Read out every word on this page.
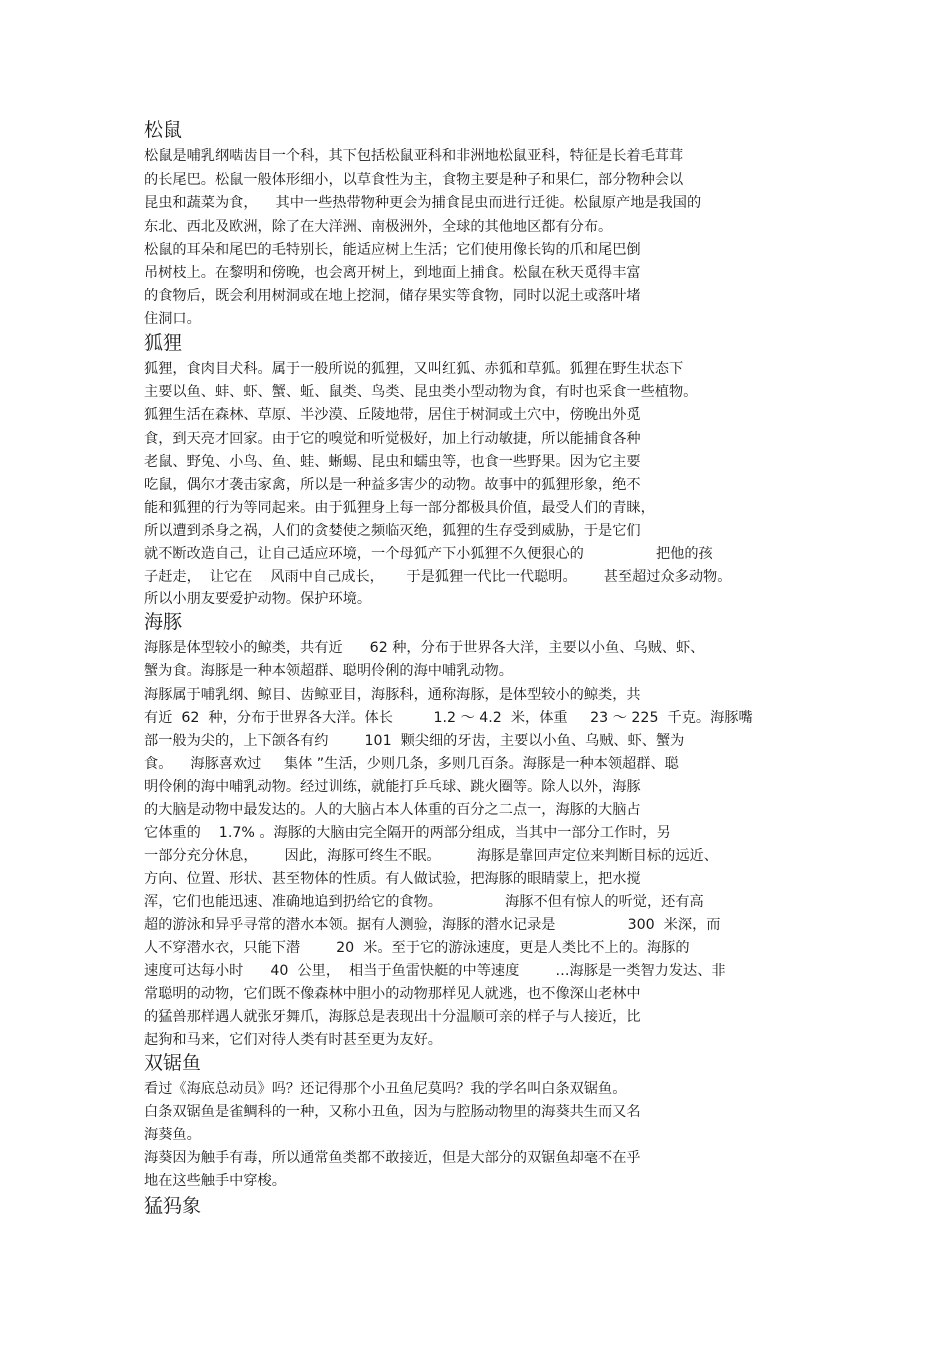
松鼠
松鼠是哺乳纲啮齿目一个科，其下包括松鼠亚科和非洲地松鼠亚科，特征是长着毛茸茸
的长尾巴。松鼠一般体形细小，以草食性为主，食物主要是种子和果仁，部分物种会以
昆虫和蔬菜为食，    其中一些热带物种更会为捕食昆虫而进行迁徙。松鼠原产地是我国的
东北、西北及欧洲，除了在大洋洲、南极洲外，全球的其他地区都有分布。
松鼠的耳朵和尾巴的毛特别长，能适应树上生活；它们使用像长钩的爪和尾巴倒
吊树枝上。在黎明和傍晚，也会离开树上，到地面上捕食。松鼠在秋天觅得丰富
的食物后，既会利用树洞或在地上挖洞，储存果实等食物，同时以泥土或落叶堵
住洞口。
狐狸
狐狸，食肉目犬科。属于一般所说的狐狸，又叫红狐、赤狐和草狐。狐狸在野生状态下
主要以鱼、蚌、虾、蟹、蚯、鼠类、鸟类、昆虫类小型动物为食，有时也采食一些植物。
狐狸生活在森林、草原、半沙漠、丘陵地带，居住于树洞或土穴中，傍晚出外觅
食，到天亮才回家。由于它的嗅觉和听觉极好，加上行动敏捷，所以能捕食各种
老鼠、野兔、小鸟、鱼、蛙、蜥蜴、昆虫和蠕虫等，也食一些野果。因为它主要
吃鼠，偶尔才袭击家禽，所以是一种益多害少的动物。故事中的狐狸形象，绝不
能和狐狸的行为等同起来。由于狐狸身上每一部分都极具价值，最受人们的青睐，
所以遭到杀身之祸，人们的贪婪使之频临灭绝，狐狸的生存受到威胁，于是它们
就不断改造自己，让自己适应环境，一个母狐产下小狐狸不久便狠心的                把他的孩
子赶走，  让它在    风雨中自己成长，     于是狐狸一代比一代聪明。      甚至超过众多动物。
所以小朋友要爱护动物。保护环境。
海豚
海豚是体型较小的鲸类，共有近      62 种，分布于世界各大洋，主要以小鱼、乌贼、虾、
蟹为食。海豚是一种本领超群、聪明伶俐的海中哺乳动物。
海豚属于哺乳纲、鲸目、齿鲸亚目，海豚科，通称海豚，是体型较小的鲸类，共
有近  62  种，分布于世界各大洋。体长         1.2 ～ 4.2  米，体重     23 ～ 225  千克。海豚嘴
部一般为尖的，上下颌各有约        101  颗尖细的牙齿，主要以小鱼、乌贼、虾、蟹为
食。    海豚喜欢过     集体 ”生活，少则几条，多则几百条。海豚是一种本领超群、聪
明伶俐的海中哺乳动物。经过训练，就能打乒乓球、跳火圈等。除人以外，海豚
的大脑是动物中最发达的。人的大脑占本人体重的百分之二点一，海豚的大脑占
它体重的    1.7% 。海豚的大脑由完全隔开的两部分组成，当其中一部分工作时，另
一部分充分休息，      因此，海豚可终生不眠。        海豚是靠回声定位来判断目标的远近、
方向、位置、形状、甚至物体的性质。有人做试验，把海豚的眼睛蒙上，把水搅
浑，它们也能迅速、准确地追到扔给它的食物。              海豚不但有惊人的听觉，还有高
超的游泳和异乎寻常的潜水本领。据有人测验，海豚的潜水记录是                300  米深，而
人不穿潜水衣，只能下潜        20  米。至于它的游泳速度，更是人类比不上的。海豚的
速度可达每小时      40  公里，  相当于鱼雷快艇的中等速度        …海豚是一类智力发达、非
常聪明的动物，它们既不像森林中胆小的动物那样见人就逃，也不像深山老林中
的猛兽那样遇人就张牙舞爪，海豚总是表现出十分温顺可亲的样子与人接近，比
起狗和马来，它们对待人类有时甚至更为友好。
双锯鱼
看过《海底总动员》吗？还记得那个小丑鱼尼莫吗？我的学名叫白条双锯鱼。
白条双锯鱼是雀鲷科的一种，又称小丑鱼，因为与腔肠动物里的海葵共生而又名
海葵鱼。
海葵因为触手有毒，所以通常鱼类都不敢接近，但是大部分的双锯鱼却毫不在乎
地在这些触手中穿梭。
猛犸象
